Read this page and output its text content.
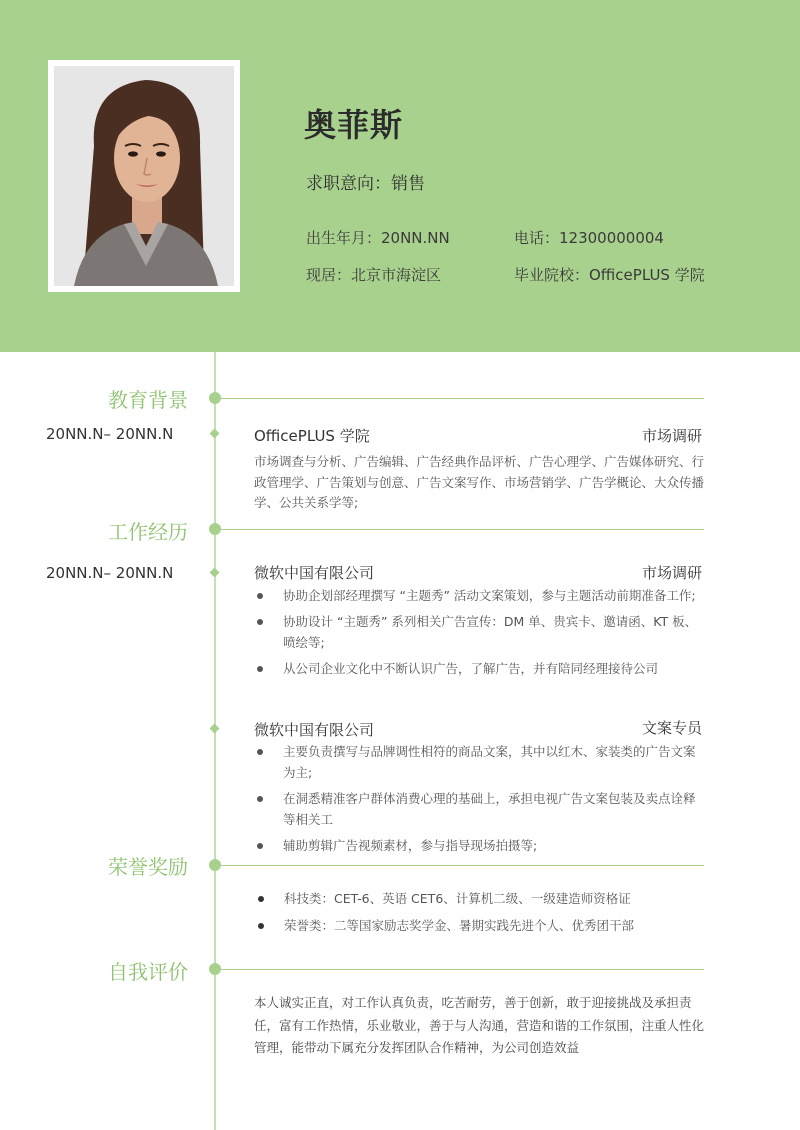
奥菲斯
求职意向：销售
出生年月：20NN.NN	电话：12300000004
现居：北京市海淀区	毕业院校：OfficePLUS 学院
教育背景
20NN.N– 20NN.N	OfficePLUS 学院	市场调研
市场调查与分析、广告编辑、广告经典作品评析、广告心理学、广告媒体研究、行政管理学、广告策划与创意、广告文案写作、市场营销学、广告学概论、大众传播学、公共关系学等;
工作经历
20NN.N– 20NN.N	微软中国有限公司	市场调研
协助企划部经理撰写 “主题秀” 活动文案策划，参与主题活动前期准备工作;
协助设计 “主题秀” 系列相关广告宣传：DM 单、贵宾卡、邀请函、KT 板、喷绘等;
从公司企业文化中不断认识广告，了解广告，并有陪同经理接待公司
微软中国有限公司	文案专员
主要负责撰写与品牌调性相符的商品文案，其中以红木、家装类的广告文案为主;
在洞悉精准客户群体消费心理的基础上，承担电视广告文案包装及卖点诠释等相关工
辅助剪辑广告视频素材，参与指导现场拍摄等;
荣誉奖励
科技类：CET-6、英语 CET6、计算机二级、一级建造师资格证
荣誉类：二等国家励志奖学金、暑期实践先进个人、优秀团干部
自我评价
本人诚实正直，对工作认真负责，吃苦耐劳，善于创新，敢于迎接挑战及承担责任，富有工作热情，乐业敬业，善于与人沟通，营造和谐的工作氛围，注重人性化管理，能带动下属充分发挥团队合作精神，为公司创造效益
